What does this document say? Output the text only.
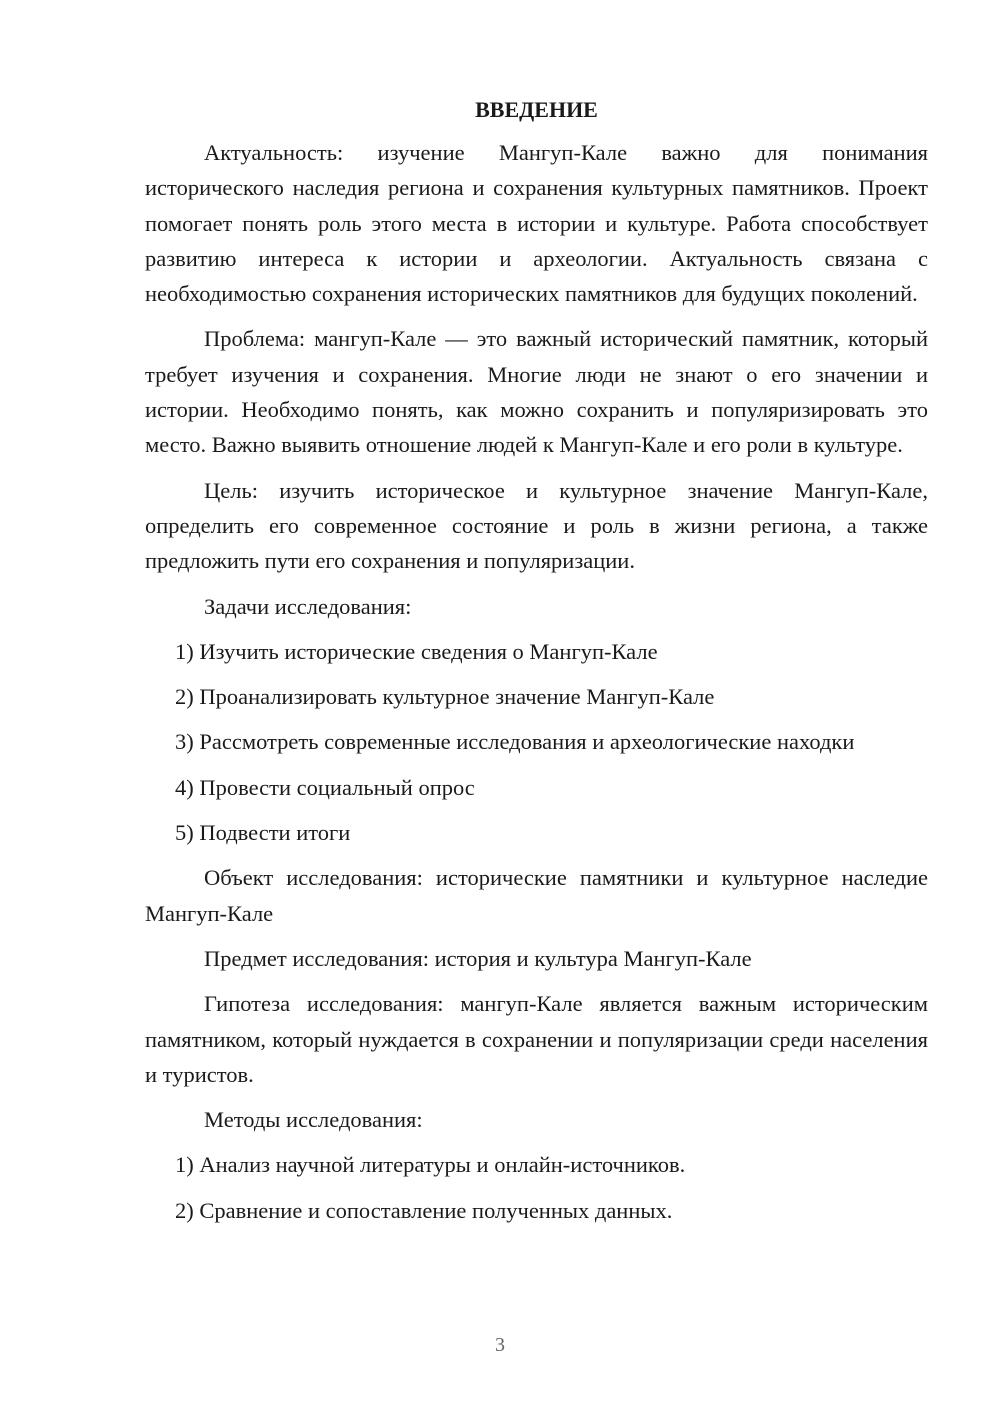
ВВЕДЕНИЕ

Актуальность: изучение Мангуп-Кале важно для понимания исторического наследия региона и сохранения культурных памятников. Проект помогает понять роль этого места в истории и культуре. Работа способствует развитию интереса к истории и археологии. Актуальность связана с необходимостью сохранения исторических памятников для будущих поколений.

Проблема: мангуп-Кале — это важный исторический памятник, который требует изучения и сохранения. Многие люди не знают о его значении и истории. Необходимо понять, как можно сохранить и популяризировать это место. Важно выявить отношение людей к Мангуп-Кале и его роли в культуре.

Цель: изучить историческое и культурное значение Мангуп-Кале, определить его современное состояние и роль в жизни региона, а также предложить пути его сохранения и популяризации.

Задачи исследования:

1) Изучить исторические сведения о Мангуп-Кале
2) Проанализировать культурное значение Мангуп-Кале
3) Рассмотреть современные исследования и археологические находки
4) Провести социальный опрос
5) Подвести итоги

Объект исследования: исторические памятники и культурное наследие Мангуп-Кале

Предмет исследования: история и культура Мангуп-Кале

Гипотеза исследования: мангуп-Кале является важным историческим памятником, который нуждается в сохранении и популяризации среди населения и туристов.

Методы исследования:

1) Анализ научной литературы и онлайн-источников.
2) Сравнение и сопоставление полученных данных.
3
